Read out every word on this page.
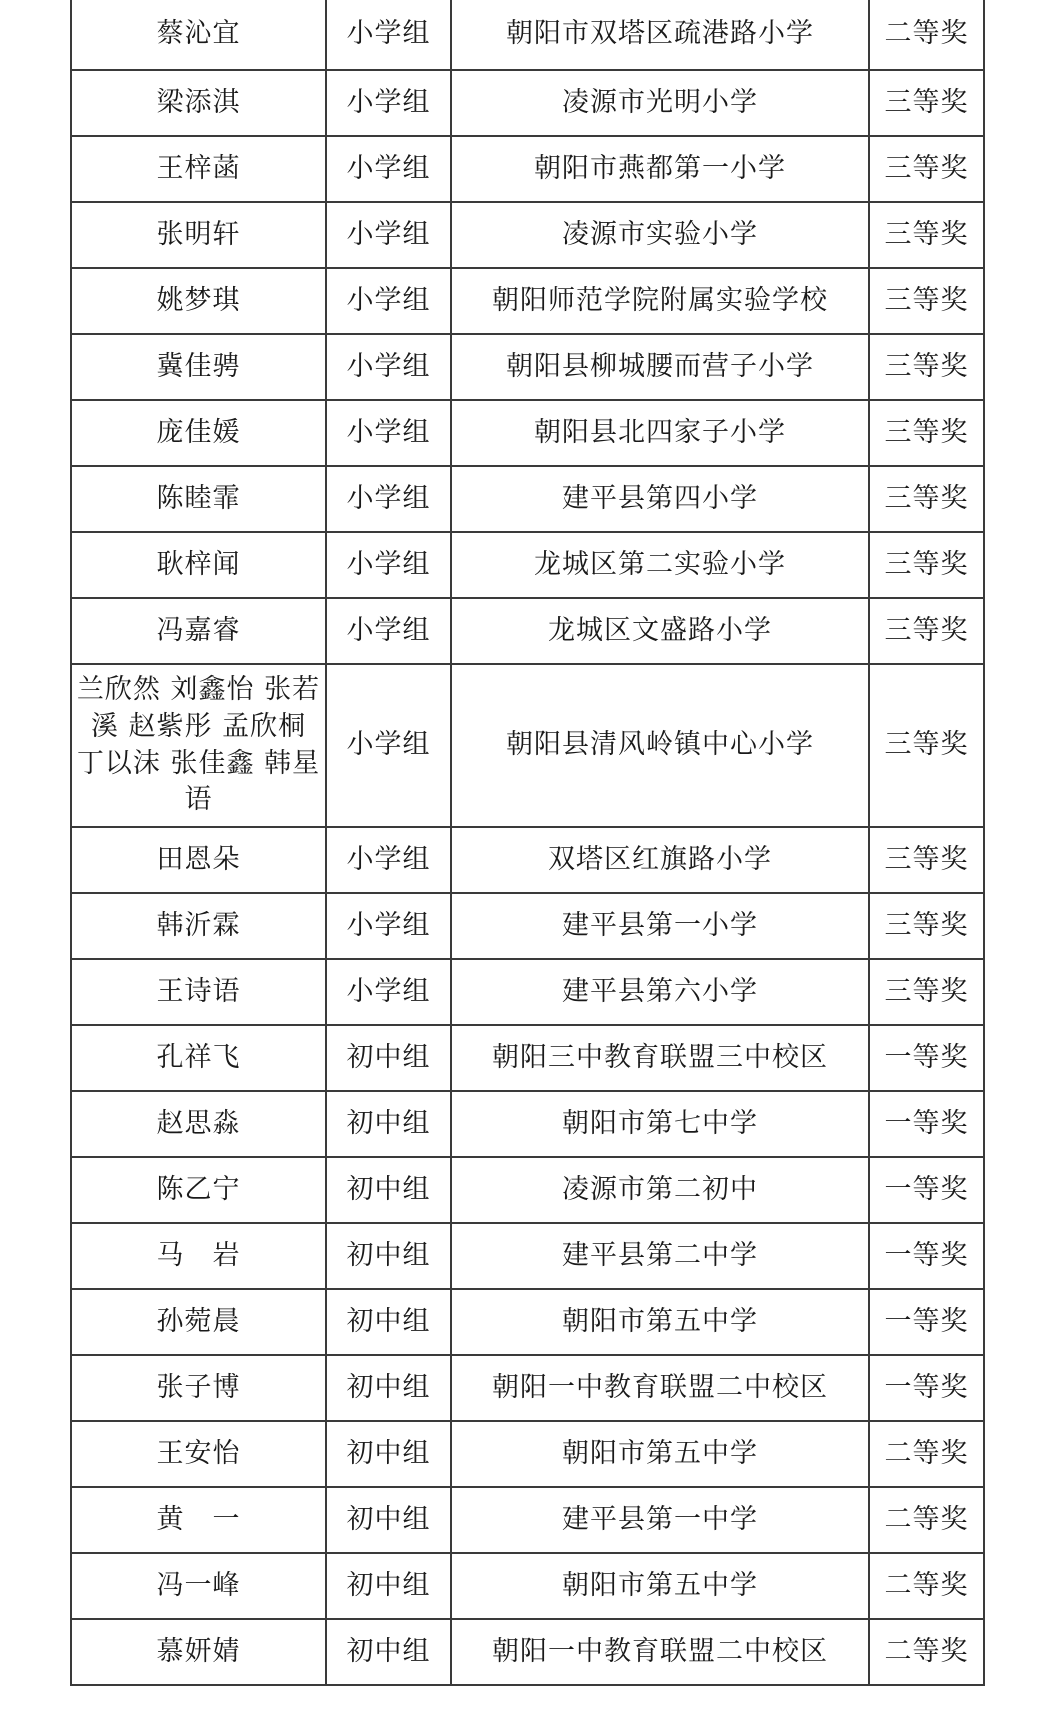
蔡沁宜	小学组	朝阳市双塔区疏港路小学	二等奖
梁添淇	小学组	凌源市光明小学	三等奖
王梓菡	小学组	朝阳市燕都第一小学	三等奖
张明轩	小学组	凌源市实验小学	三等奖
姚梦琪	小学组	朝阳师范学院附属实验学校	三等奖
冀佳骋	小学组	朝阳县柳城腰而营子小学	三等奖
庞佳媛	小学组	朝阳县北四家子小学	三等奖
陈睦霏	小学组	建平县第四小学	三等奖
耿梓闻	小学组	龙城区第二实验小学	三等奖
冯嘉睿	小学组	龙城区文盛路小学	三等奖
兰欣然 刘鑫怡 张若溪 赵紫彤 孟欣桐 丁以沫 张佳鑫 韩星语	小学组	朝阳县清风岭镇中心小学	三等奖
田恩朵	小学组	双塔区红旗路小学	三等奖
韩沂霖	小学组	建平县第一小学	三等奖
王诗语	小学组	建平县第六小学	三等奖
孔祥飞	初中组	朝阳三中教育联盟三中校区	一等奖
赵思淼	初中组	朝阳市第七中学	一等奖
陈乙宁	初中组	凌源市第二初中	一等奖
马　岩	初中组	建平县第二中学	一等奖
孙菀晨	初中组	朝阳市第五中学	一等奖
张子博	初中组	朝阳一中教育联盟二中校区	一等奖
王安怡	初中组	朝阳市第五中学	二等奖
黄　一	初中组	建平县第一中学	二等奖
冯一峰	初中组	朝阳市第五中学	二等奖
慕妍婧	初中组	朝阳一中教育联盟二中校区	二等奖
